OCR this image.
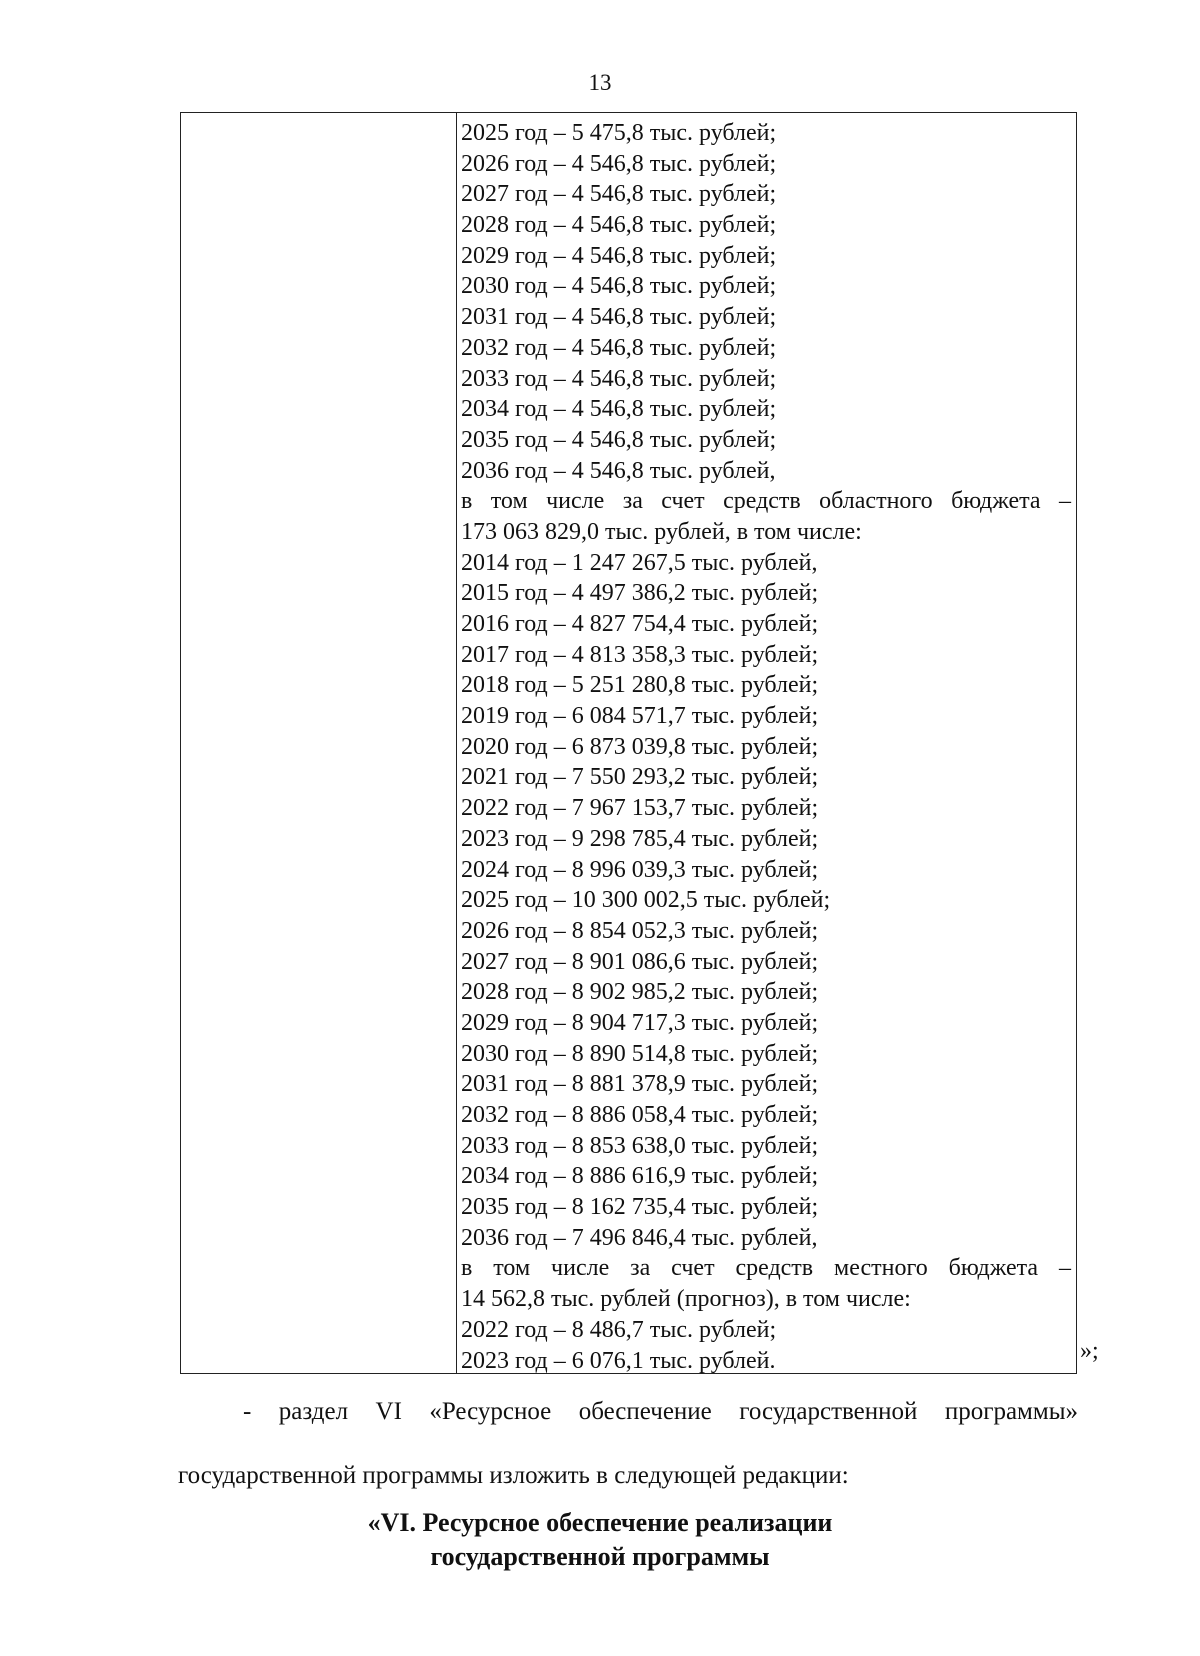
13
2025 год – 5 475,8 тыс. рублей;
2026 год – 4 546,8 тыс. рублей;
2027 год – 4 546,8 тыс. рублей;
2028 год – 4 546,8 тыс. рублей;
2029 год – 4 546,8 тыс. рублей;
2030 год – 4 546,8 тыс. рублей;
2031 год – 4 546,8 тыс. рублей;
2032 год – 4 546,8 тыс. рублей;
2033 год – 4 546,8 тыс. рублей;
2034 год – 4 546,8 тыс. рублей;
2035 год – 4 546,8 тыс. рублей;
2036 год – 4 546,8 тыс. рублей,
в том числе за счет средств областного бюджета –
173 063 829,0 тыс. рублей, в том числе:
2014 год – 1 247 267,5 тыс. рублей,
2015 год – 4 497 386,2 тыс. рублей;
2016 год – 4 827 754,4 тыс. рублей;
2017 год – 4 813 358,3 тыс. рублей;
2018 год – 5 251 280,8 тыс. рублей;
2019 год – 6 084 571,7 тыс. рублей;
2020 год – 6 873 039,8 тыс. рублей;
2021 год – 7 550 293,2 тыс. рублей;
2022 год – 7 967 153,7 тыс. рублей;
2023 год – 9 298 785,4 тыс. рублей;
2024 год – 8 996 039,3 тыс. рублей;
2025 год – 10 300 002,5 тыс. рублей;
2026 год – 8 854 052,3 тыс. рублей;
2027 год – 8 901 086,6 тыс. рублей;
2028 год – 8 902 985,2 тыс. рублей;
2029 год – 8 904 717,3 тыс. рублей;
2030 год – 8 890 514,8 тыс. рублей;
2031 год – 8 881 378,9 тыс. рублей;
2032 год – 8 886 058,4 тыс. рублей;
2033 год – 8 853 638,0 тыс. рублей;
2034 год – 8 886 616,9 тыс. рублей;
2035 год – 8 162 735,4 тыс. рублей;
2036 год – 7 496 846,4 тыс. рублей,
в том числе за счет средств местного бюджета –
14 562,8 тыс. рублей (прогноз), в том числе:
2022 год – 8 486,7 тыс. рублей;
2023 год – 6 076,1 тыс. рублей.	»;
- раздел VI «Ресурсное обеспечение государственной программы»
государственной программы изложить в следующей редакции:
«VI. Ресурсное обеспечение реализации
государственной программы
